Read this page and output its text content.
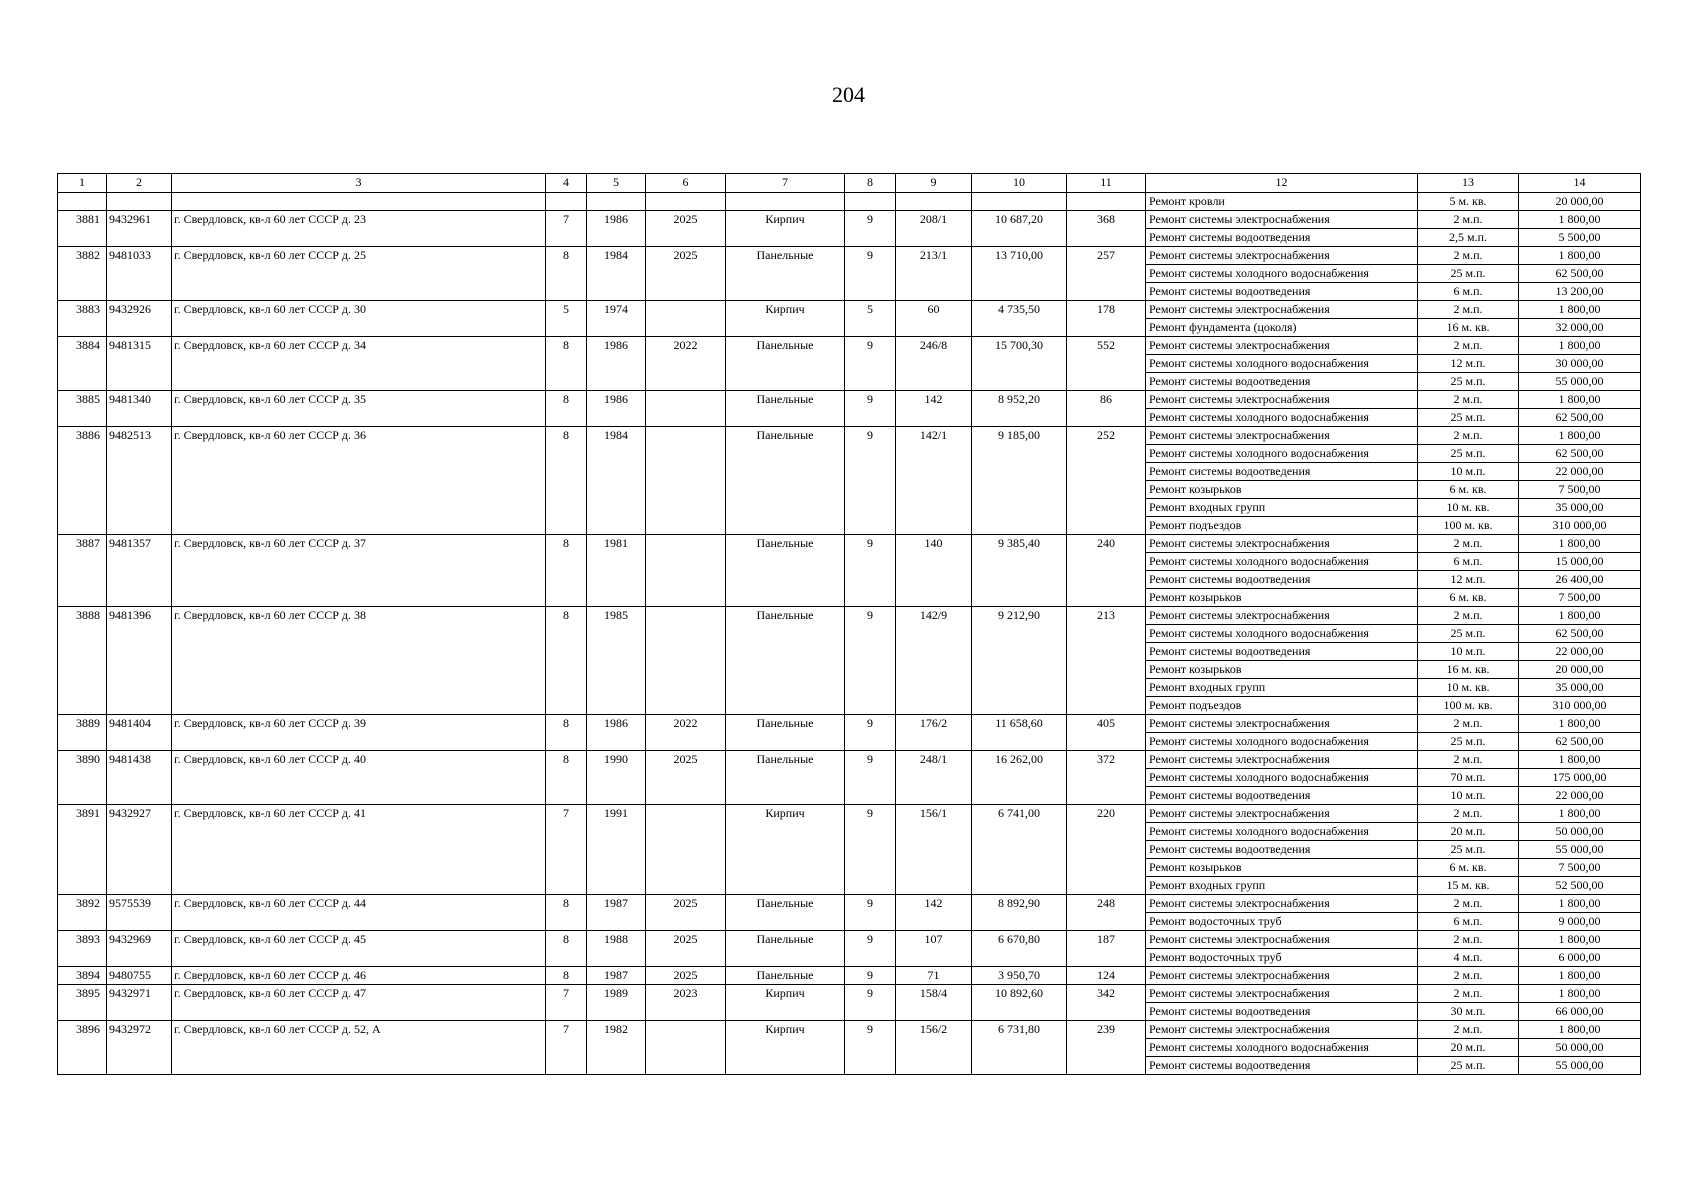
204
1	2	3	4	5	6	7	8	9	10	11	12	13	14
											Ремонт кровли	5 м. кв.	20 000,00
3881	9432961	г. Свердловск, кв-л 60 лет СССР д. 23	7	1986	2025	Кирпич	9	208/1	10 687,20	368	Ремонт системы электроснабжения	2 м.п.	1 800,00
											Ремонт системы водоотведения	2,5 м.п.	5 500,00
3882	9481033	г. Свердловск, кв-л 60 лет СССР д. 25	8	1984	2025	Панельные	9	213/1	13 710,00	257	Ремонт системы электроснабжения	2 м.п.	1 800,00
											Ремонт системы холодного водоснабжения	25 м.п.	62 500,00
											Ремонт системы водоотведения	6 м.п.	13 200,00
3883	9432926	г. Свердловск, кв-л 60 лет СССР д. 30	5	1974		Кирпич	5	60	4 735,50	178	Ремонт системы электроснабжения	2 м.п.	1 800,00
											Ремонт фундамента (цоколя)	16 м. кв.	32 000,00
3884	9481315	г. Свердловск, кв-л 60 лет СССР д. 34	8	1986	2022	Панельные	9	246/8	15 700,30	552	Ремонт системы электроснабжения	2 м.п.	1 800,00
											Ремонт системы холодного водоснабжения	12 м.п.	30 000,00
											Ремонт системы водоотведения	25 м.п.	55 000,00
3885	9481340	г. Свердловск, кв-л 60 лет СССР д. 35	8	1986		Панельные	9	142	8 952,20	86	Ремонт системы электроснабжения	2 м.п.	1 800,00
											Ремонт системы холодного водоснабжения	25 м.п.	62 500,00
3886	9482513	г. Свердловск, кв-л 60 лет СССР д. 36	8	1984		Панельные	9	142/1	9 185,00	252	Ремонт системы электроснабжения	2 м.п.	1 800,00
											Ремонт системы холодного водоснабжения	25 м.п.	62 500,00
											Ремонт системы водоотведения	10 м.п.	22 000,00
											Ремонт козырьков	6 м. кв.	7 500,00
											Ремонт входных групп	10 м. кв.	35 000,00
											Ремонт подъездов	100 м. кв.	310 000,00
3887	9481357	г. Свердловск, кв-л 60 лет СССР д. 37	8	1981		Панельные	9	140	9 385,40	240	Ремонт системы электроснабжения	2 м.п.	1 800,00
											Ремонт системы холодного водоснабжения	6 м.п.	15 000,00
											Ремонт системы водоотведения	12 м.п.	26 400,00
											Ремонт козырьков	6 м. кв.	7 500,00
3888	9481396	г. Свердловск, кв-л 60 лет СССР д. 38	8	1985		Панельные	9	142/9	9 212,90	213	Ремонт системы электроснабжения	2 м.п.	1 800,00
											Ремонт системы холодного водоснабжения	25 м.п.	62 500,00
											Ремонт системы водоотведения	10 м.п.	22 000,00
											Ремонт козырьков	16 м. кв.	20 000,00
											Ремонт входных групп	10 м. кв.	35 000,00
											Ремонт подъездов	100 м. кв.	310 000,00
3889	9481404	г. Свердловск, кв-л 60 лет СССР д. 39	8	1986	2022	Панельные	9	176/2	11 658,60	405	Ремонт системы электроснабжения	2 м.п.	1 800,00
											Ремонт системы холодного водоснабжения	25 м.п.	62 500,00
3890	9481438	г. Свердловск, кв-л 60 лет СССР д. 40	8	1990	2025	Панельные	9	248/1	16 262,00	372	Ремонт системы электроснабжения	2 м.п.	1 800,00
											Ремонт системы холодного водоснабжения	70 м.п.	175 000,00
											Ремонт системы водоотведения	10 м.п.	22 000,00
3891	9432927	г. Свердловск, кв-л 60 лет СССР д. 41	7	1991		Кирпич	9	156/1	6 741,00	220	Ремонт системы электроснабжения	2 м.п.	1 800,00
											Ремонт системы холодного водоснабжения	20 м.п.	50 000,00
											Ремонт системы водоотведения	25 м.п.	55 000,00
											Ремонт козырьков	6 м. кв.	7 500,00
											Ремонт входных групп	15 м. кв.	52 500,00
3892	9575539	г. Свердловск, кв-л 60 лет СССР д. 44	8	1987	2025	Панельные	9	142	8 892,90	248	Ремонт системы электроснабжения	2 м.п.	1 800,00
											Ремонт водосточных труб	6 м.п.	9 000,00
3893	9432969	г. Свердловск, кв-л 60 лет СССР д. 45	8	1988	2025	Панельные	9	107	6 670,80	187	Ремонт системы электроснабжения	2 м.п.	1 800,00
											Ремонт водосточных труб	4 м.п.	6 000,00
3894	9480755	г. Свердловск, кв-л 60 лет СССР д. 46	8	1987	2025	Панельные	9	71	3 950,70	124	Ремонт системы электроснабжения	2 м.п.	1 800,00
3895	9432971	г. Свердловск, кв-л 60 лет СССР д. 47	7	1989	2023	Кирпич	9	158/4	10 892,60	342	Ремонт системы электроснабжения	2 м.п.	1 800,00
											Ремонт системы водоотведения	30 м.п.	66 000,00
3896	9432972	г. Свердловск, кв-л 60 лет СССР д. 52, А	7	1982		Кирпич	9	156/2	6 731,80	239	Ремонт системы электроснабжения	2 м.п.	1 800,00
											Ремонт системы холодного водоснабжения	20 м.п.	50 000,00
											Ремонт системы водоотведения	25 м.п.	55 000,00
